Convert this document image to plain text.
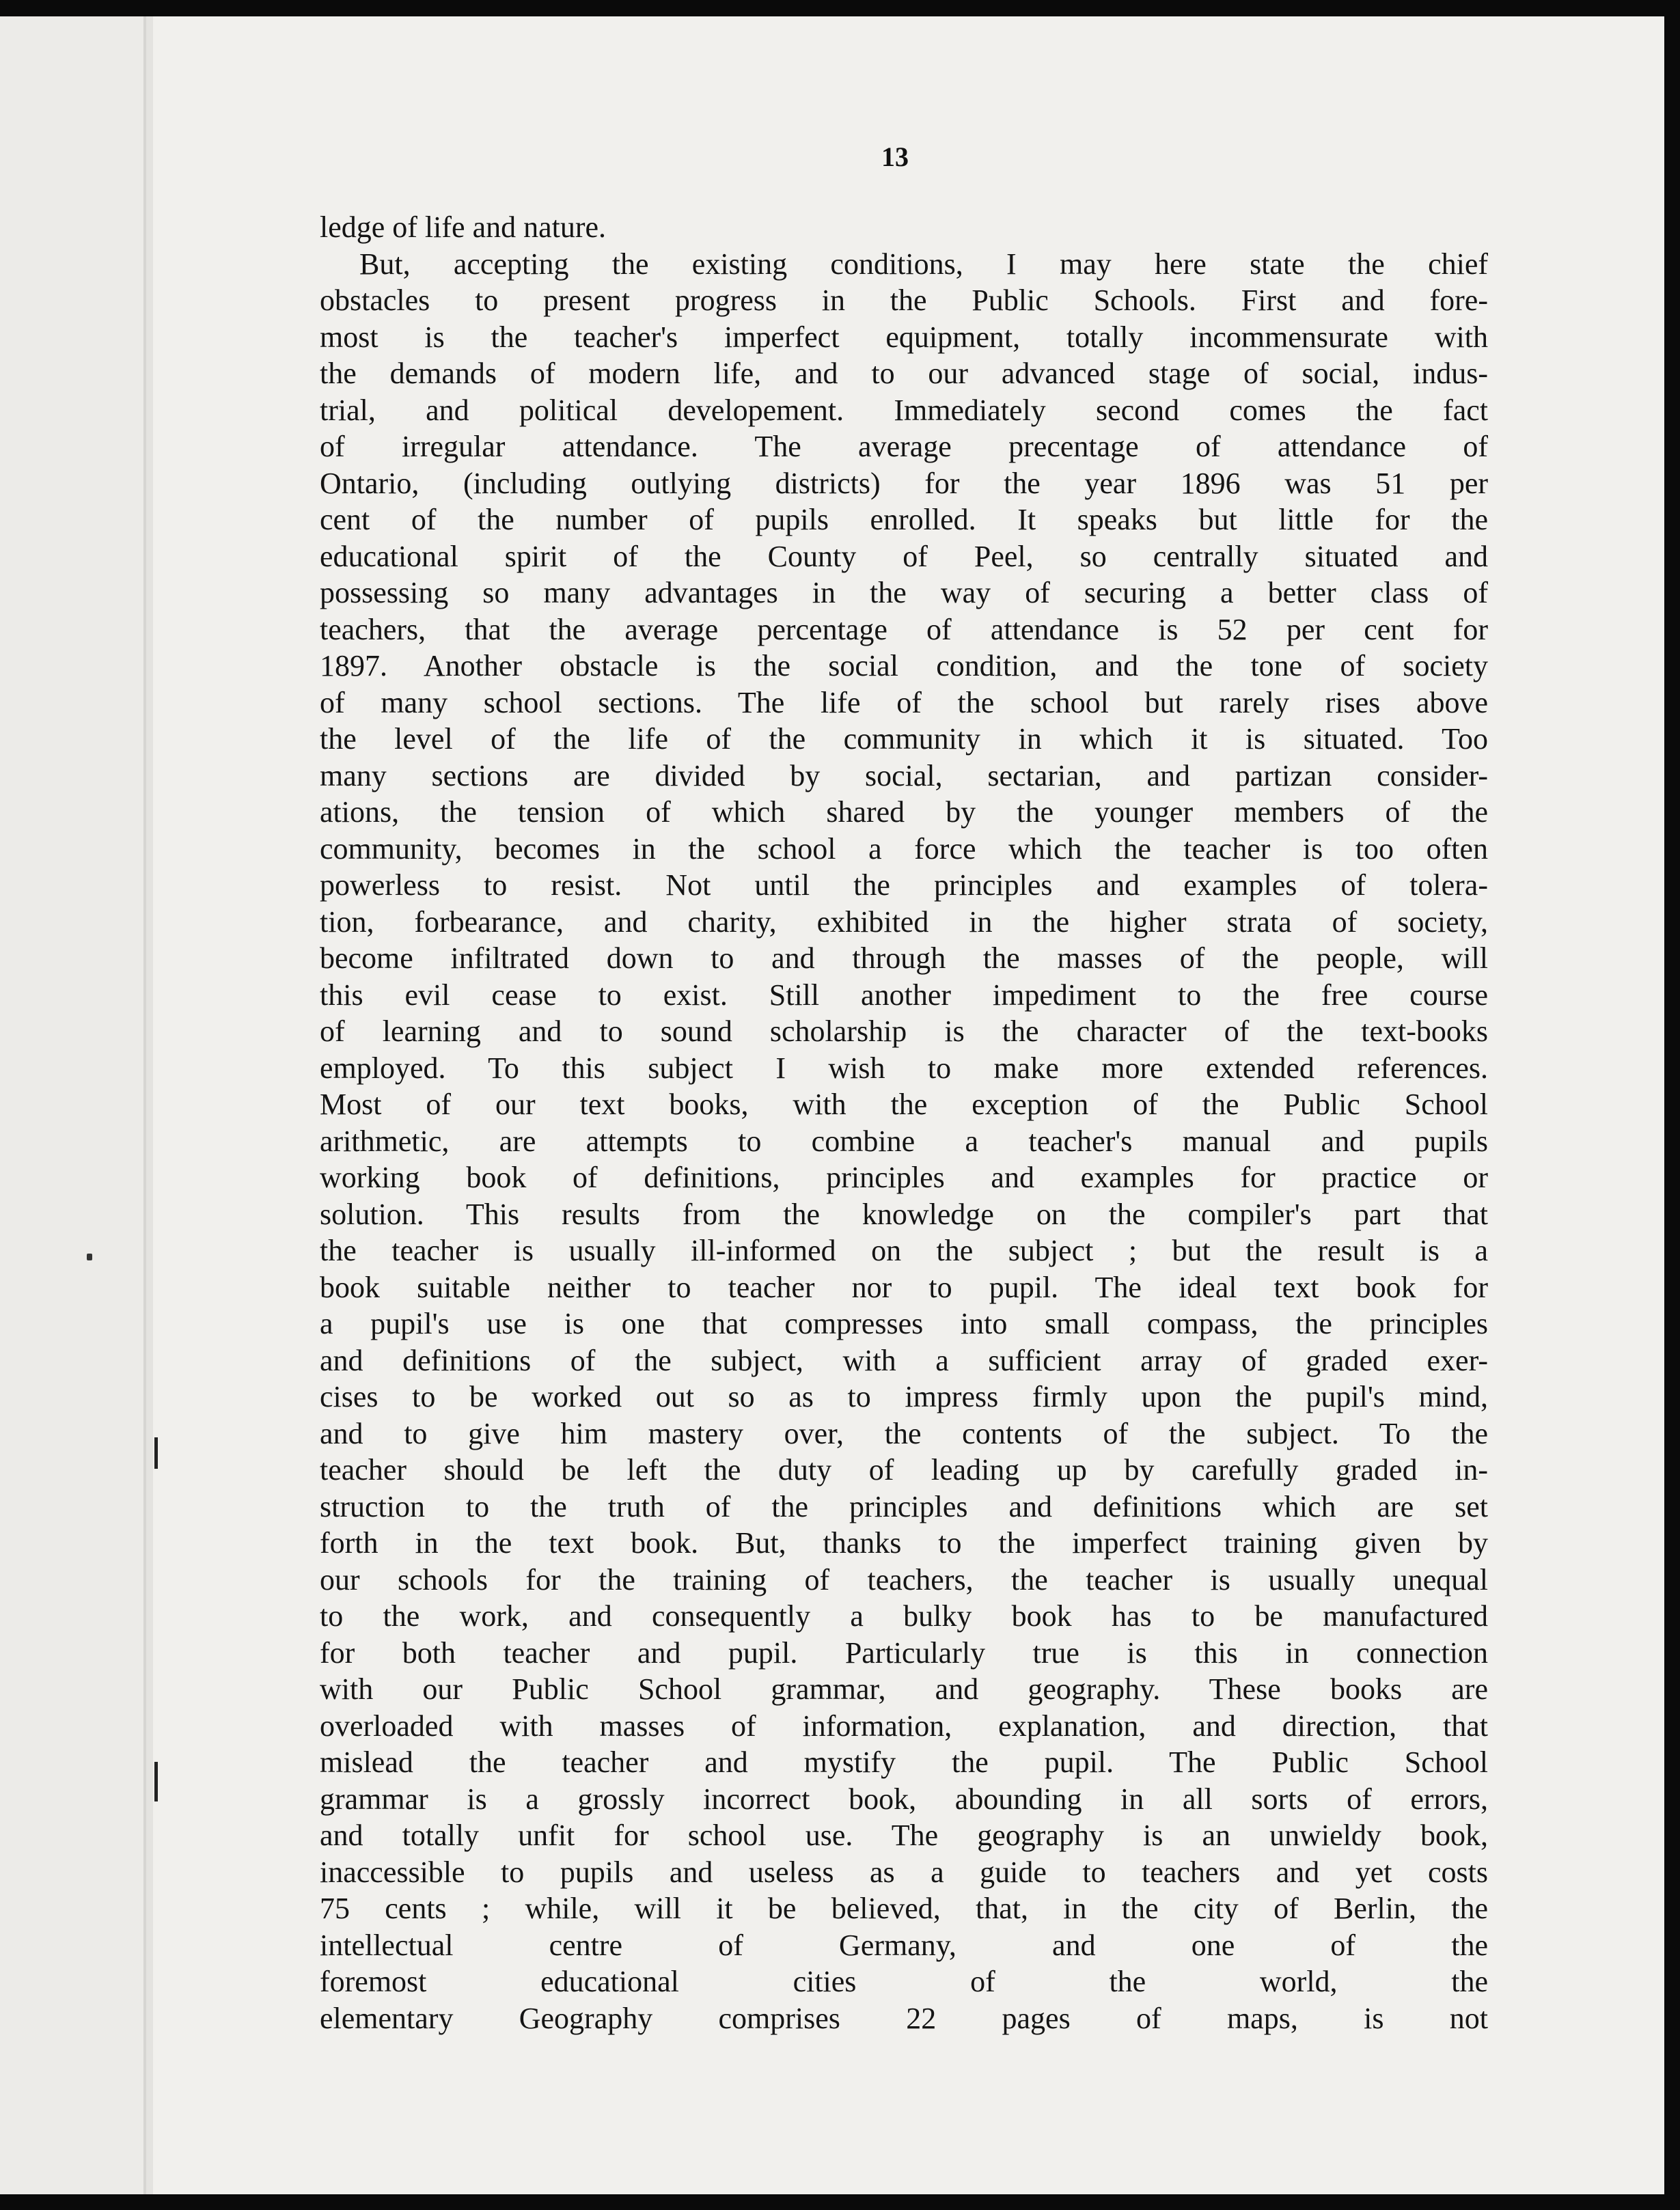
13
ledge of life and nature.
But, accepting the existing conditions, I may here state the chief
obstacles to present progress in the Public Schools. First and fore-
most is the teacher's imperfect equipment, totally incommensurate with
the demands of modern life, and to our advanced stage of social, indus-
trial, and political developement. Immediately second comes the fact
of irregular attendance. The average precentage of attendance of
Ontario, (including outlying districts) for the year 1896 was 51 per
cent of the number of pupils enrolled. It speaks but little for the
educational spirit of the County of Peel, so centrally situated and
possessing so many advantages in the way of securing a better class of
teachers, that the average percentage of attendance is 52 per cent for
1897. Another obstacle is the social condition, and the tone of society
of many school sections. The life of the school but rarely rises above
the level of the life of the community in which it is situated. Too
many sections are divided by social, sectarian, and partizan consider-
ations, the tension of which shared by the younger members of the
community, becomes in the school a force which the teacher is too often
powerless to resist. Not until the principles and examples of tolera-
tion, forbearance, and charity, exhibited in the higher strata of society,
become infiltrated down to and through the masses of the people, will
this evil cease to exist. Still another impediment to the free course
of learning and to sound scholarship is the character of the text-books
employed. To this subject I wish to make more extended references.
Most of our text books, with the exception of the Public School
arithmetic, are attempts to combine a teacher's manual and pupils
working book of definitions, principles and examples for practice or
solution. This results from the knowledge on the compiler's part that
the teacher is usually ill-informed on the subject ; but the result is a
book suitable neither to teacher nor to pupil. The ideal text book for
a pupil's use is one that compresses into small compass, the principles
and definitions of the subject, with a sufficient array of graded exer-
cises to be worked out so as to impress firmly upon the pupil's mind,
and to give him mastery over, the contents of the subject. To the
teacher should be left the duty of leading up by carefully graded in-
struction to the truth of the principles and definitions which are set
forth in the text book. But, thanks to the imperfect training given by
our schools for the training of teachers, the teacher is usually unequal
to the work, and consequently a bulky book has to be manufactured
for both teacher and pupil. Particularly true is this in connection
with our Public School grammar, and geography. These books are
overloaded with masses of information, explanation, and direction, that
mislead the teacher and mystify the pupil. The Public School
grammar is a grossly incorrect book, abounding in all sorts of errors,
and totally unfit for school use. The geography is an unwieldy book,
inaccessible to pupils and useless as a guide to teachers and yet costs
75 cents ; while, will it be believed, that, in the city of Berlin, the
intellectual centre of Germany, and one of the
foremost educational cities of the world, the
elementary Geography comprises 22 pages of maps, is not
